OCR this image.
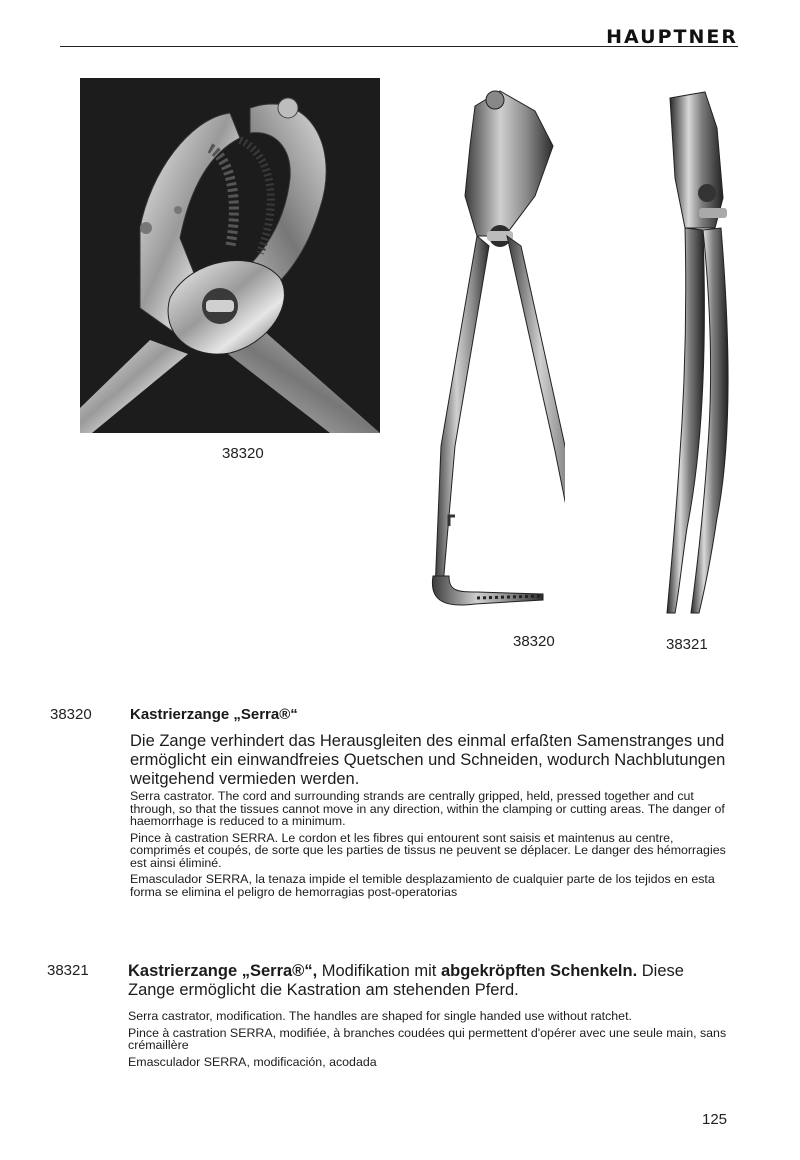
HAUPTNER
38320
38320	38321
38320	Kastrierzange „Serra®“
Die Zange verhindert das Herausgleiten des einmal erfaßten Samenstranges und ermöglicht ein einwandfreies Quetschen und Schneiden, wodurch Nachblutungen weitgehend vermieden werden.

Serra castrator. The cord and surrounding strands are centrally gripped, held, pressed together and cut through, so that the tissues cannot move in any direction, within the clamping or cutting areas. The danger of haemorrhage is reduced to a minimum.

Pince à castration SERRA. Le cordon et les fibres qui entourent sont saisis et maintenus au centre, comprimés et coupés, de sorte que les parties de tissus ne peuvent se déplacer. Le danger des hémorragies est ainsi éliminé.

Emasculador SERRA, la tenaza impide el temible desplazamiento de cualquier parte de los tejidos en esta forma se elimina el peligro de hemorragias post-operatorias

38321 Kastrierzange „Serra®“, Modifikation mit abgekröpften Schenkeln. Diese Zange ermöglicht die Kastration am stehenden Pferd.

Serra castrator, modification. The handles are shaped for single handed use without ratchet.

Pince à castration SERRA, modifiée, à branches coudées qui permettent d'opérer avec une seule main, sans crémaillère

Emasculador SERRA, modificación, acodada

125
